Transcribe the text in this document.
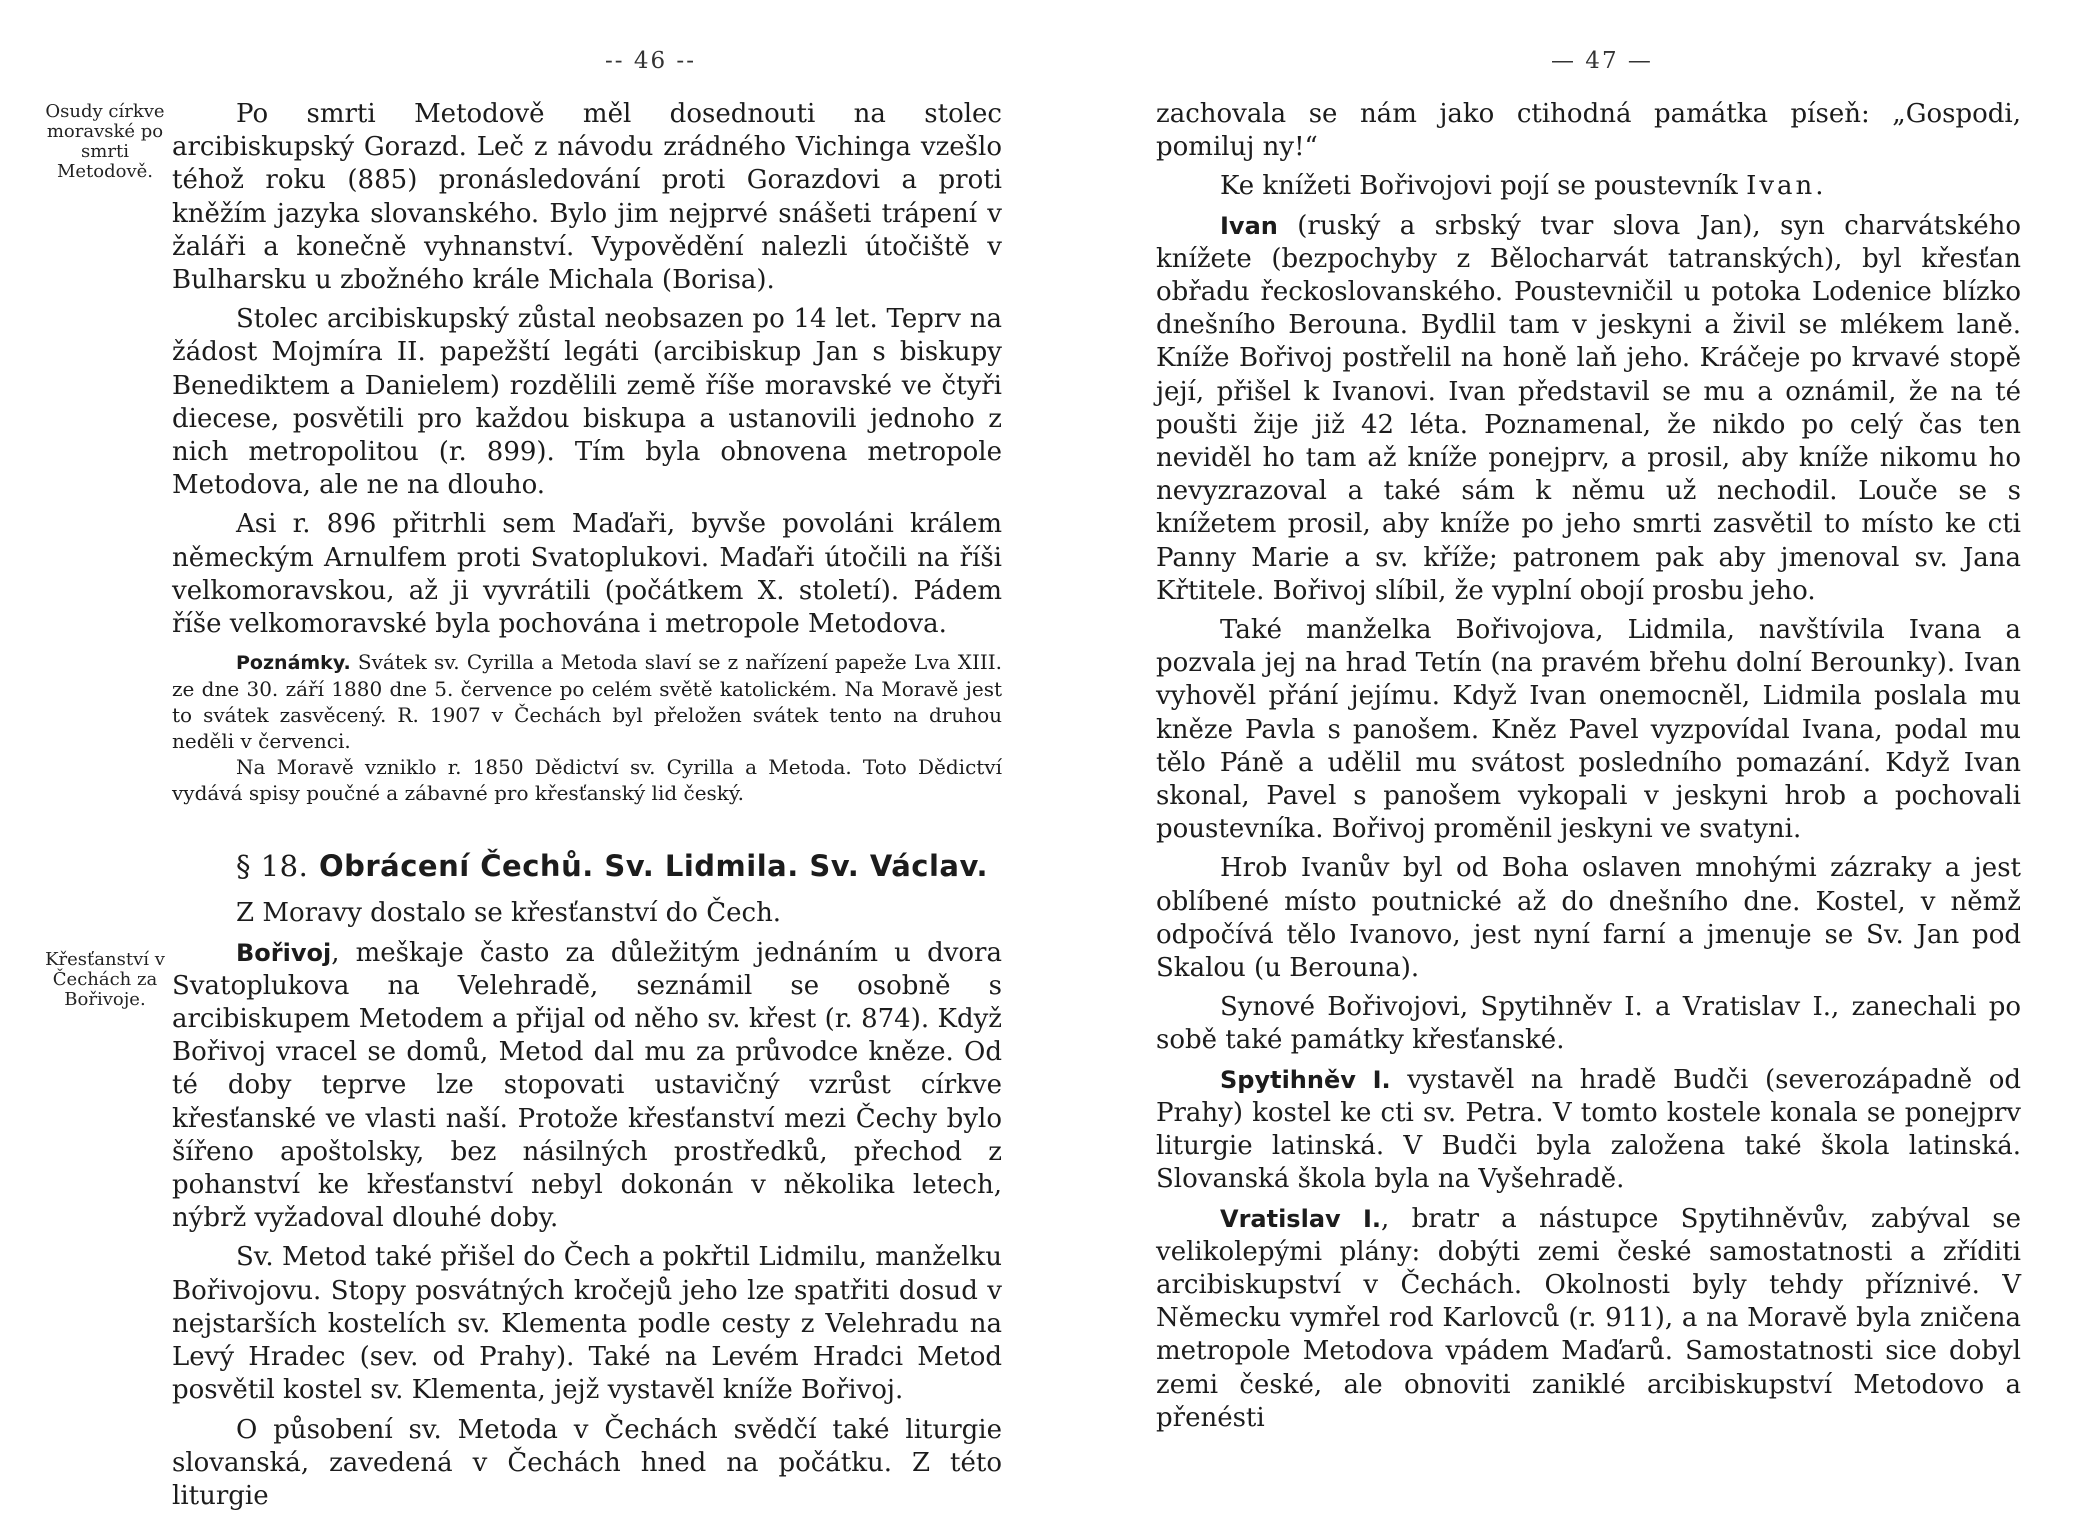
-- 46 --
Osudy církve moravské po smrti Metodově.
Křesťanství v Čechách za Bořivoje.

Po smrti Metodově měl dosednouti na stolec arcibiskupský Gorazd. Leč z návodu zrádného Vichinga vzešlo téhož roku (885) pronásledování proti Gorazdovi a proti kněžím jazyka slovanského. Bylo jim nejprvé snášeti trápení v žaláři a konečně vyhnanství. Vypovědění nalezli útočiště v Bulharsku u zbožného krále Michala (Borisa).

Stolec arcibiskupský zůstal neobsazen po 14 let. Teprv na žádost Mojmíra II. papežští legáti (arcibiskup Jan s biskupy Benediktem a Danielem) rozdělili země říše moravské ve čtyři diecese, posvětili pro každou biskupa a ustanovili jednoho z nich metropolitou (r. 899). Tím byla obnovena metropole Metodova, ale ne na dlouho.

Asi r. 896 přitrhli sem Maďaři, byvše povoláni králem německým Arnulfem proti Svatoplukovi. Maďaři útočili na říši velkomoravskou, až ji vyvrátili (počátkem X. století). Pádem říše velkomoravské byla pochována i metropole Metodova.

Poznámky. Svátek sv. Cyrilla a Metoda slaví se z nařízení papeže Lva XIII. ze dne 30. září 1880 dne 5. července po celém světě katolickém. Na Moravě jest to svátek zasvěcený. R. 1907 v Čechách byl přeložen svátek tento na druhou neděli v červenci.
Na Moravě vzniklo r. 1850 Dědictví sv. Cyrilla a Metoda. Toto Dědictví vydává spisy poučné a zábavné pro křesťanský lid český.
§ 18. Obrácení Čechů. Sv. Lidmila. Sv. Václav.

Z Moravy dostalo se křesťanství do Čech.

Bořivoj, meškaje často za důležitým jednáním u dvora Svatoplukova na Velehradě, seznámil se osobně s arcibiskupem Metodem a přijal od něho sv. křest (r. 874). Když Bořivoj vracel se domů, Metod dal mu za průvodce kněze. Od té doby teprve lze stopovati ustavičný vzrůst církve křesťanské ve vlasti naší. Protože křesťanství mezi Čechy bylo šířeno apoštolsky, bez násilných prostředků, přechod z pohanství ke křesťanství nebyl dokonán v několika letech, nýbrž vyžadoval dlouhé doby.

Sv. Metod také přišel do Čech a pokřtil Lidmilu, manželku Bořivojovu. Stopy posvátných kročejů jeho lze spatřiti dosud v nejstarších kostelích sv. Klementa podle cesty z Velehradu na Levý Hradec (sev. od Prahy). Také na Levém Hradci Metod posvětil kostel sv. Klementa, jejž vystavěl kníže Bořivoj.

O působení sv. Metoda v Čechách svědčí také liturgie slovanská, zavedená v Čechách hned na počátku. Z této liturgie

— 47 —

zachovala se nám jako ctihodná památka píseň: „Gospodi, pomiluj ny!“

Ke knížeti Bořivojovi pojí se poustevník Ivan.

Ivan (ruský a srbský tvar slova Jan), syn charvátského knížete (bezpochyby z Bělocharvát tatranských), byl křesťan obřadu řeckoslovanského. Poustevničil u potoka Lodenice blízko dnešního Berouna. Bydlil tam v jeskyni a živil se mlékem laně. Kníže Bořivoj postřelil na honě laň jeho. Kráčeje po krvavé stopě její, přišel k Ivanovi. Ivan představil se mu a oznámil, že na té poušti žije již 42 léta. Poznamenal, že nikdo po celý čas ten neviděl ho tam až kníže ponejprv, a prosil, aby kníže nikomu ho nevyzrazoval a také sám k němu už nechodil. Louče se s knížetem prosil, aby kníže po jeho smrti zasvětil to místo ke cti Panny Marie a sv. kříže; patronem pak aby jmenoval sv. Jana Křtitele. Bořivoj slíbil, že vyplní obojí prosbu jeho.

Také manželka Bořivojova, Lidmila, navštívila Ivana a pozvala jej na hrad Tetín (na pravém břehu dolní Berounky). Ivan vyhověl přání jejímu. Když Ivan onemocněl, Lidmila poslala mu kněze Pavla s panošem. Kněz Pavel vyzpovídal Ivana, podal mu tělo Páně a udělil mu svátost posledního pomazání. Když Ivan skonal, Pavel s panošem vykopali v jeskyni hrob a pochovali poustevníka. Bořivoj proměnil jeskyni ve svatyni.

Hrob Ivanův byl od Boha oslaven mnohými zázraky a jest oblíbené místo poutnické až do dnešního dne. Kostel, v němž odpočívá tělo Ivanovo, jest nyní farní a jmenuje se Sv. Jan pod Skalou (u Berouna).

Synové Bořivojovi, Spytihněv I. a Vratislav I., zanechali po sobě také památky křesťanské.

Spytihněv I. vystavěl na hradě Budči (severozápadně od Prahy) kostel ke cti sv. Petra. V tomto kostele konala se ponejprv liturgie latinská. V Budči byla založena také škola latinská. Slovanská škola byla na Vyšehradě.

Vratislav I., bratr a nástupce Spytihněvův, zabýval se velikolepými plány: dobýti zemi české samostatnosti a zříditi arcibiskupství v Čechách. Okolnosti byly tehdy příznivé. V Německu vymřel rod Karlovců (r. 911), a na Moravě byla zničena metropole Metodova vpádem Maďarů. Samostatnosti sice dobyl zemi české, ale obnoviti zaniklé arcibiskupství Metodovo a přenésti
